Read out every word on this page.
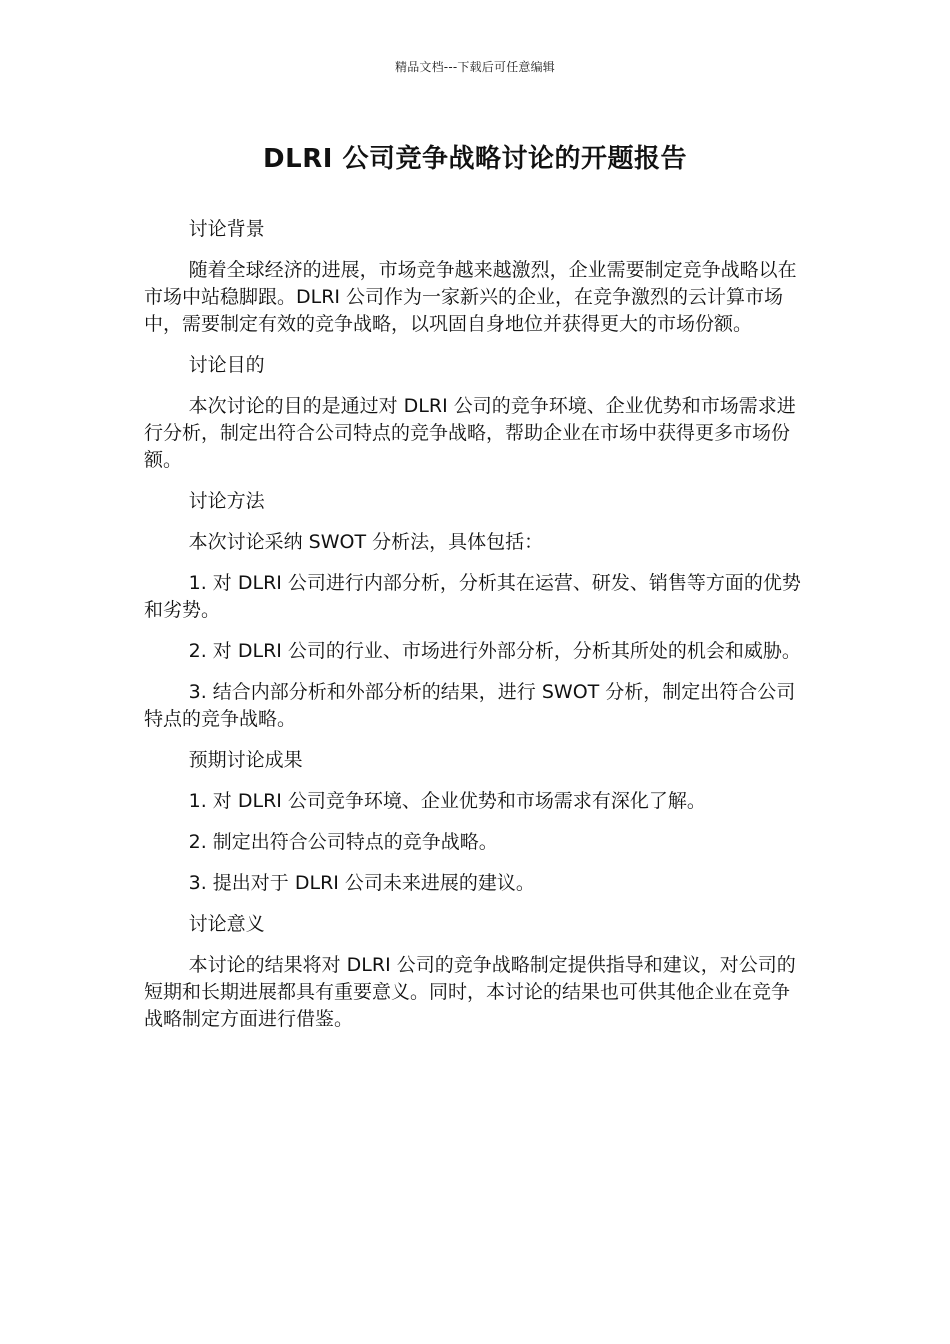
精品文档---下载后可任意编辑
DLRI 公司竞争战略讨论的开题报告

讨论背景

随着全球经济的进展，市场竞争越来越激烈，企业需要制定竞争战略以在市场中站稳脚跟。DLRI 公司作为一家新兴的企业，在竞争激烈的云计算市场中，需要制定有效的竞争战略，以巩固自身地位并获得更大的市场份额。

讨论目的

本次讨论的目的是通过对 DLRI 公司的竞争环境、企业优势和市场需求进行分析，制定出符合公司特点的竞争战略，帮助企业在市场中获得更多市场份额。

讨论方法

本次讨论采纳 SWOT 分析法，具体包括：

1. 对 DLRI 公司进行内部分析，分析其在运营、研发、销售等方面的优势和劣势。

2. 对 DLRI 公司的行业、市场进行外部分析，分析其所处的机会和威胁。

3. 结合内部分析和外部分析的结果，进行 SWOT 分析，制定出符合公司特点的竞争战略。

预期讨论成果

1. 对 DLRI 公司竞争环境、企业优势和市场需求有深化了解。

2. 制定出符合公司特点的竞争战略。

3. 提出对于 DLRI 公司未来进展的建议。

讨论意义

本讨论的结果将对 DLRI 公司的竞争战略制定提供指导和建议，对公司的短期和长期进展都具有重要意义。同时，本讨论的结果也可供其他企业在竞争战略制定方面进行借鉴。
